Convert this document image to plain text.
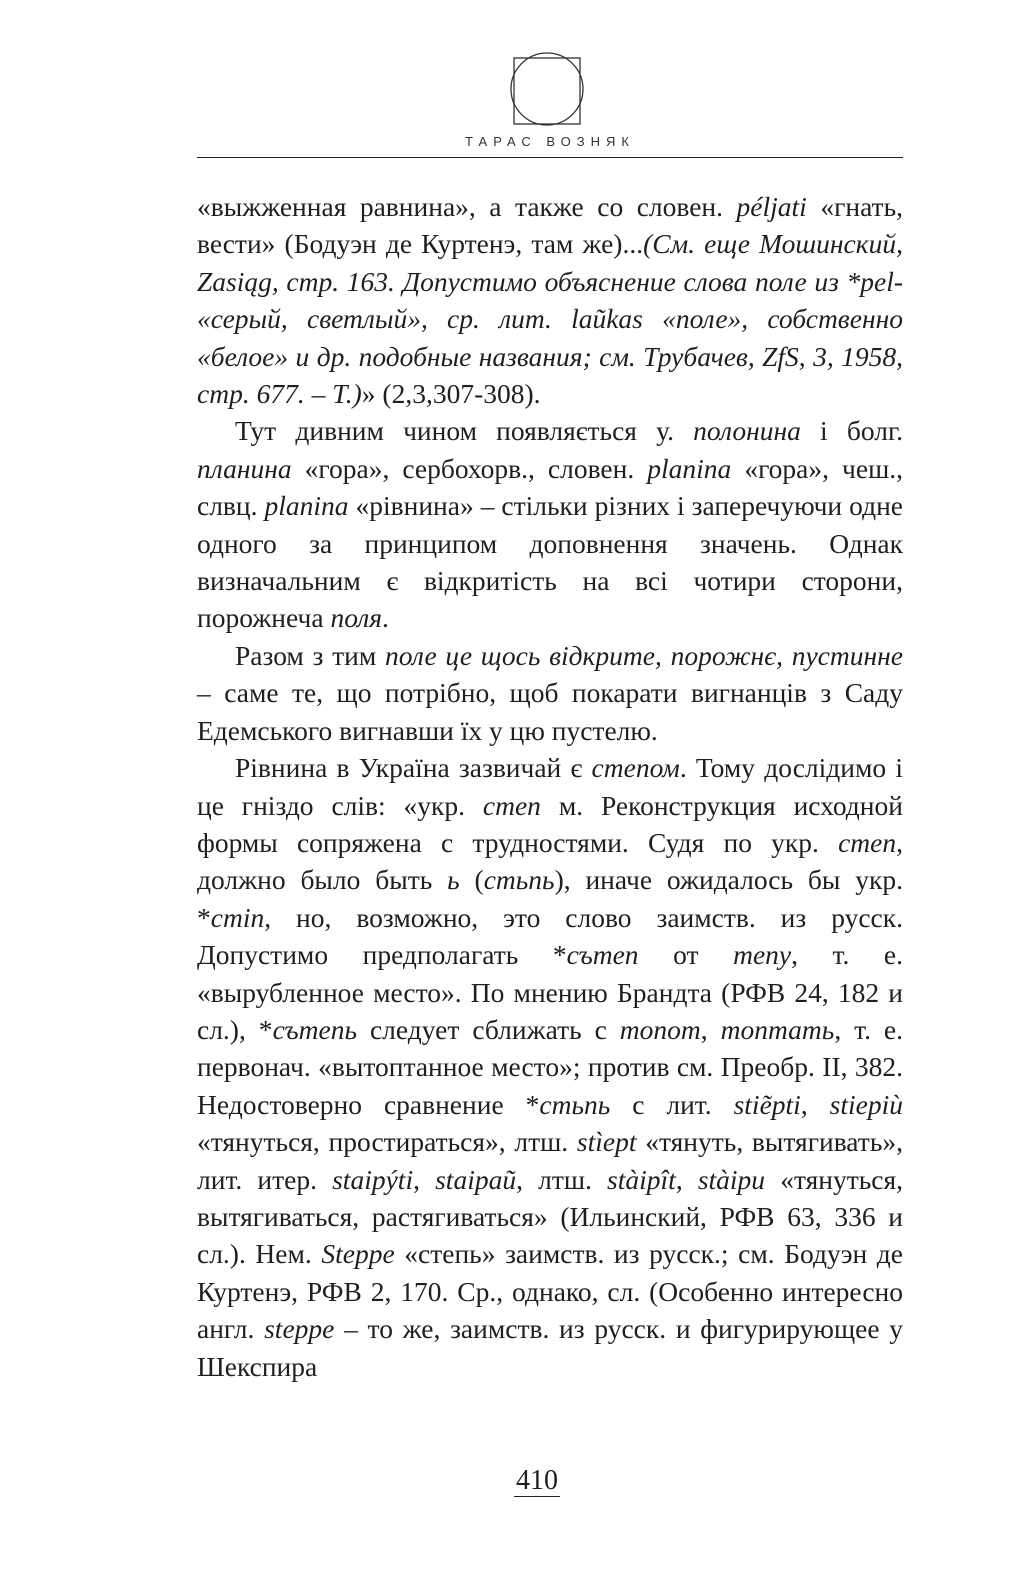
ТАРАС ВОЗНЯК

«выжженная равнина», а также со словен. péljati «гнать, вести» (Бодуэн де Куртенэ, там же)...(См. еще Мошинский, Zasiąg, стр. 163. Допустимо объяснение слова поле из *pel- «серый, светлый», ср. лит. laũkas «поле», собственно «белое» и др. подобные названия; см. Трубачев, ZfS, 3, 1958, стр. 677. – Т.)» (2,3,307-308).

Тут дивним чином появляється у. полонина і болг. планина «гора», сербохорв., словен. planina «гора», чеш., слвц. planina «рівнина» – стільки різних і заперечуючи одне одного за принципом доповнення значень. Однак визначальним є відкритість на всі чотири сторони, порожнеча поля.

Разом з тим поле це щось відкрите, порожнє, пустинне – саме те, що потрібно, щоб покарати вигнанців з Саду Едемського вигнавши їх у цю пустелю.

Рівнина в Україна зазвичай є степом. Тому дослідимо і це гніздо слів: «укр. степ м. Реконструкция исходной формы сопряжена с трудностями. Судя по укр. степ, должно было быть ь (стьпь), иначе ожидалось бы укр. *стіп, но, возможно, это слово заимств. из русск. Допустимо предполагать *сътеп от тепу, т. е. «вырубленное место». По мнению Брандта (РФВ 24, 182 и сл.), *сътепь следует сближать с топот, топтать, т. е. первонач. «вытоптанное место»; против см. Преобр. II, 382. Недостоверно сравнение *стьпь с лит. stiẽpti, stiepiù «тянуться, простираться», лтш. stìept «тянуть, вытягивать», лит. итер. staipýti, staipaũ, лтш. stàipît, stàipu «тянуться, вытягиваться, растягиваться» (Ильинский, РФВ 63, 336 и сл.). Нем. Steppe «степь» заимств. из русск.; см. Бодуэн де Куртенэ, РФВ 2, 170. Ср., однако, сл. (Особенно интересно англ. steppe – то же, заимств. из русск. и фигурирующее у Шекспира

410
